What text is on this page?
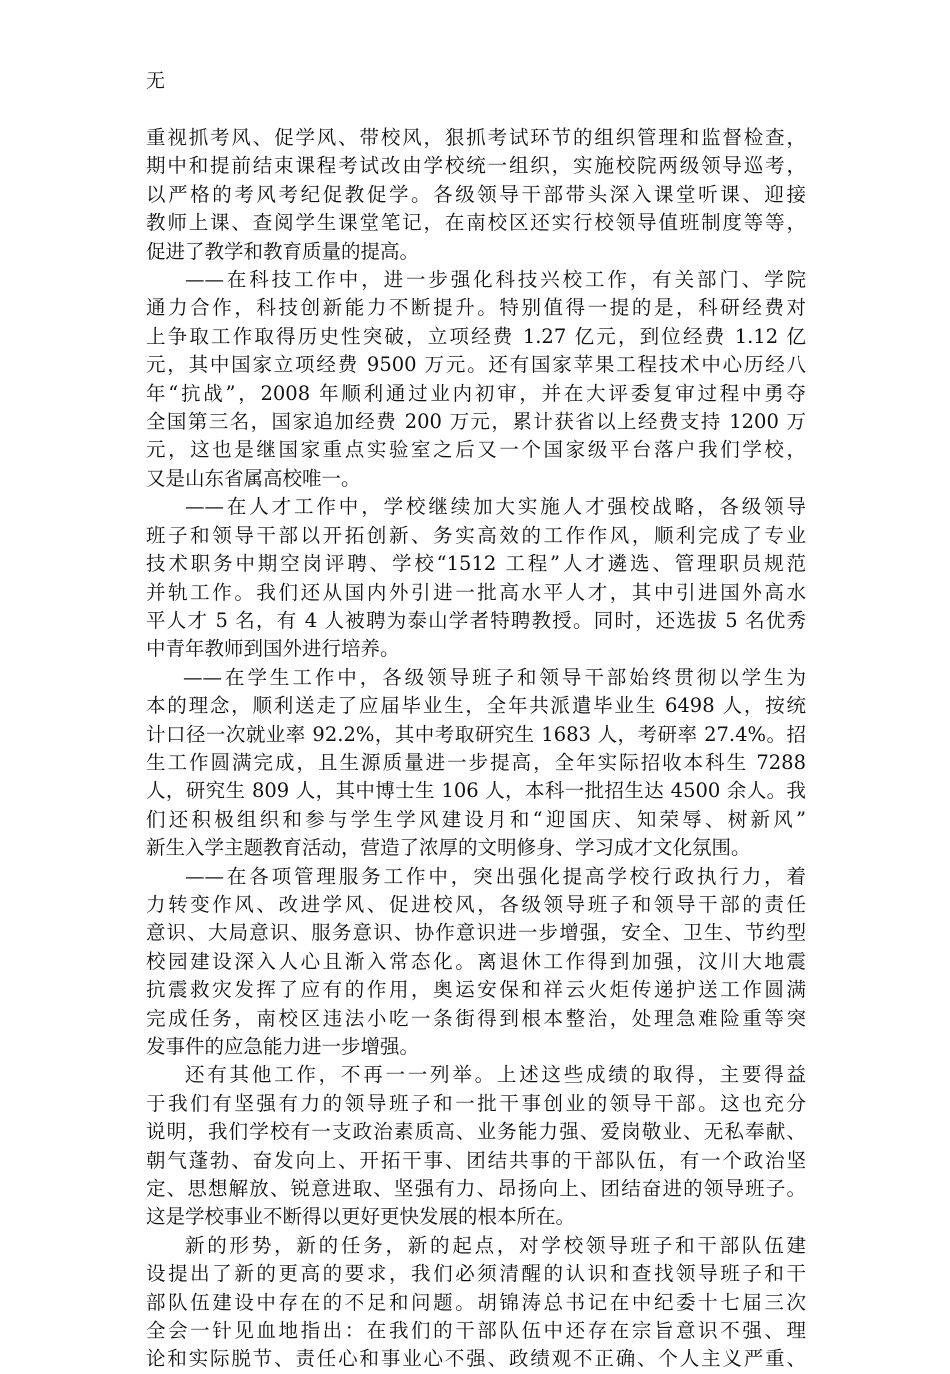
无

重视抓考风、促学风、带校风，狠抓考试环节的组织管理和监督检查，
期中和提前结束课程考试改由学校统一组织，实施校院两级领导巡考，
以严格的考风考纪促教促学。各级领导干部带头深入课堂听课、迎接
教师上课、查阅学生课堂笔记，在南校区还实行校领导值班制度等等，
促进了教学和教育质量的提高。

——在科技工作中，进一步强化科技兴校工作，有关部门、学院
通力合作，科技创新能力不断提升。特别值得一提的是，科研经费对
上争取工作取得历史性突破，立项经费 1.27 亿元，到位经费 1.12 亿
元，其中国家立项经费 9500 万元。还有国家苹果工程技术中心历经八
年“抗战”，2008 年顺利通过业内初审，并在大评委复审过程中勇夺
全国第三名，国家追加经费 200 万元，累计获省以上经费支持 1200 万
元，这也是继国家重点实验室之后又一个国家级平台落户我们学校，
又是山东省属高校唯一。

——在人才工作中，学校继续加大实施人才强校战略，各级领导
班子和领导干部以开拓创新、务实高效的工作作风，顺利完成了专业
技术职务中期空岗评聘、学校“1512 工程”人才遴选、管理职员规范
并轨工作。我们还从国内外引进一批高水平人才，其中引进国外高水
平人才 5 名，有 4 人被聘为泰山学者特聘教授。同时，还选拔 5 名优秀
中青年教师到国外进行培养。

——在学生工作中，各级领导班子和领导干部始终贯彻以学生为
本的理念，顺利送走了应届毕业生，全年共派遣毕业生 6498 人，按统
计口径一次就业率 92.2%，其中考取研究生 1683 人，考研率 27.4%。招
生工作圆满完成，且生源质量进一步提高，全年实际招收本科生 7288
人，研究生 809 人，其中博士生 106 人，本科一批招生达 4500 余人。我
们还积极组织和参与学生学风建设月和“迎国庆、知荣辱、树新风”
新生入学主题教育活动，营造了浓厚的文明修身、学习成才文化氛围。

——在各项管理服务工作中，突出强化提高学校行政执行力，着
力转变作风、改进学风、促进校风，各级领导班子和领导干部的责任
意识、大局意识、服务意识、协作意识进一步增强，安全、卫生、节约型
校园建设深入人心且渐入常态化。离退休工作得到加强，汶川大地震
抗震救灾发挥了应有的作用，奥运安保和祥云火炬传递护送工作圆满
完成任务，南校区违法小吃一条街得到根本整治，处理急难险重等突
发事件的应急能力进一步增强。

还有其他工作，不再一一列举。上述这些成绩的取得，主要得益
于我们有坚强有力的领导班子和一批干事创业的领导干部。这也充分
说明，我们学校有一支政治素质高、业务能力强、爱岗敬业、无私奉献、
朝气蓬勃、奋发向上、开拓干事、团结共事的干部队伍，有一个政治坚
定、思想解放、锐意进取、坚强有力、昂扬向上、团结奋进的领导班子。
这是学校事业不断得以更好更快发展的根本所在。

新的形势，新的任务，新的起点，对学校领导班子和干部队伍建
设提出了新的更高的要求，我们必须清醒的认识和查找领导班子和干
部队伍建设中存在的不足和问题。胡锦涛总书记在中纪委十七届三次
全会一针见血地指出：在我们的干部队伍中还存在宗旨意识不强、理
论和实际脱节、责任心和事业心不强、政绩观不正确、个人主义严重、
